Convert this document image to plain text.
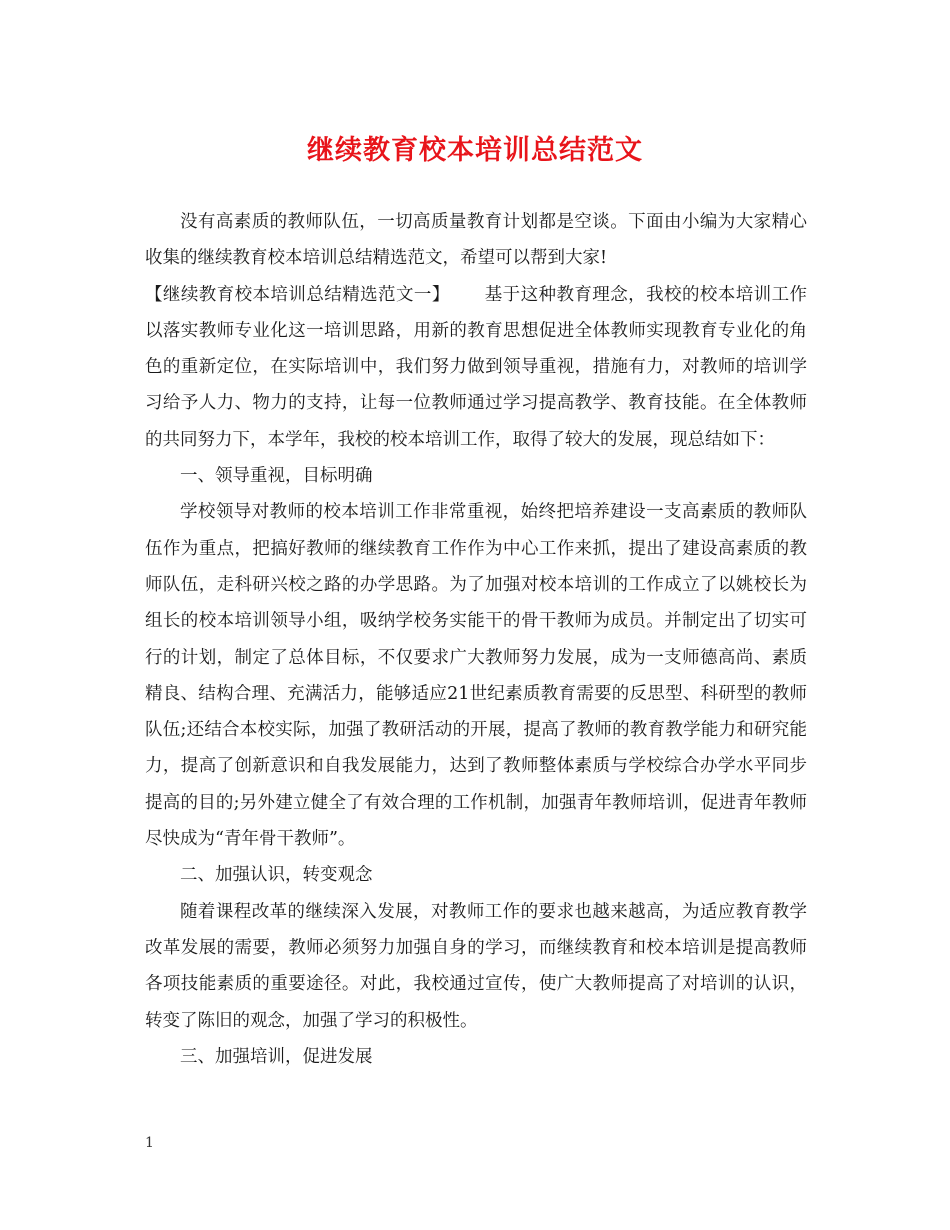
继续教育校本培训总结范文

没有高素质的教师队伍，一切高质量教育计划都是空谈。下面由小编为大家精心收集的继续教育校本培训总结精选范文，希望可以帮到大家!

【继续教育校本培训总结精选范文一】 基于这种教育理念，我校的校本培训工作以落实教师专业化这一培训思路，用新的教育思想促进全体教师实现教育专业化的角色的重新定位，在实际培训中，我们努力做到领导重视，措施有力，对教师的培训学习给予人力、物力的支持，让每一位教师通过学习提高教学、教育技能。在全体教师的共同努力下，本学年，我校的校本培训工作，取得了较大的发展，现总结如下：

一、领导重视，目标明确

学校领导对教师的校本培训工作非常重视，始终把培养建设一支高素质的教师队伍作为重点，把搞好教师的继续教育工作作为中心工作来抓，提出了建设高素质的教师队伍，走科研兴校之路的办学思路。为了加强对校本培训的工作成立了以姚校长为组长的校本培训领导小组，吸纳学校务实能干的骨干教师为成员。并制定出了切实可行的计划，制定了总体目标，不仅要求广大教师努力发展，成为一支师德高尚、素质精良、结构合理、充满活力，能够适应21世纪素质教育需要的反思型、科研型的教师队伍;还结合本校实际，加强了教研活动的开展，提高了教师的教育教学能力和研究能力，提高了创新意识和自我发展能力，达到了教师整体素质与学校综合办学水平同步提高的目的;另外建立健全了有效合理的工作机制，加强青年教师培训，促进青年教师尽快成为“青年骨干教师”。

二、加强认识，转变观念

随着课程改革的继续深入发展，对教师工作的要求也越来越高，为适应教育教学改革发展的需要，教师必须努力加强自身的学习，而继续教育和校本培训是提高教师各项技能素质的重要途径。对此，我校通过宣传，使广大教师提高了对培训的认识，转变了陈旧的观念，加强了学习的积极性。

三、加强培训，促进发展

1
